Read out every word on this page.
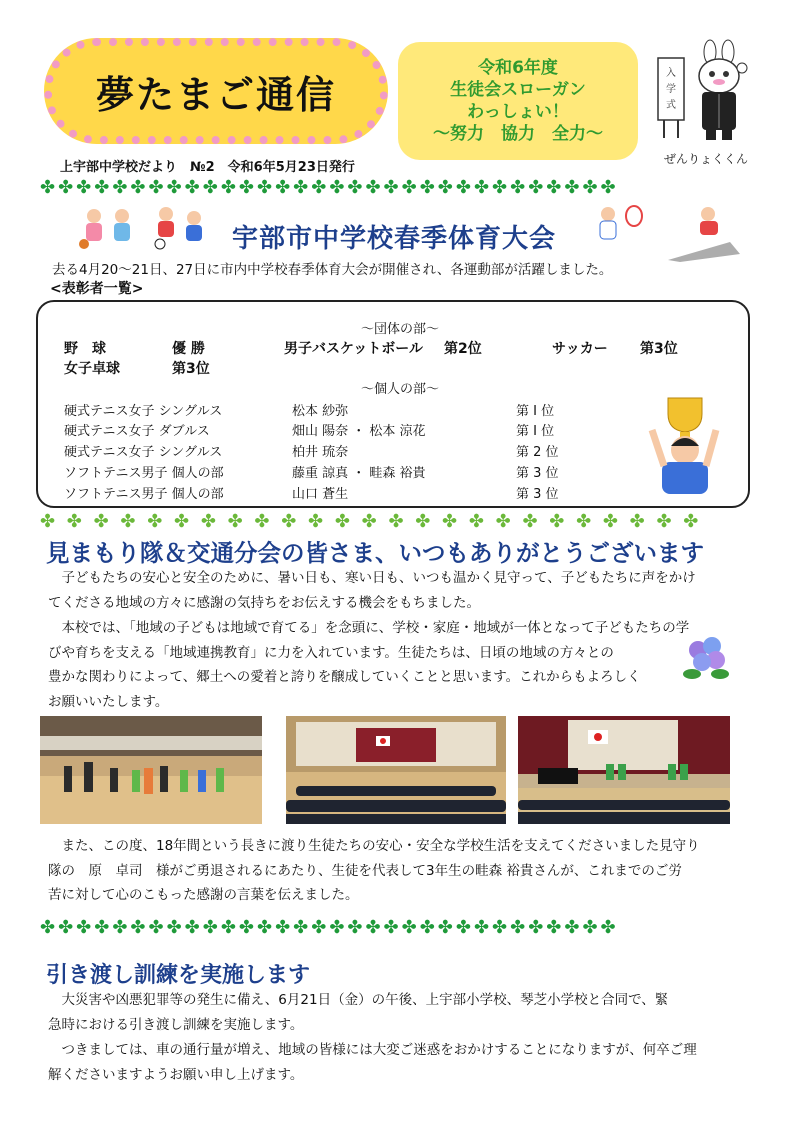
夢たまご通信
令和6年度
生徒会スローガン
わっしょい！
〜努力　協力　全力〜
入
学
式
ぜんりょくくん
上宇部中学校だより　№2　令和6年5月23日発行
✤✤✤✤✤✤✤✤✤✤✤✤✤✤✤✤✤✤✤✤✤✤✤✤✤✤✤✤✤✤✤✤
宇部市中学校春季体育大会
去る4月20〜21日、27日に市内中学校春季体育大会が開催され、各運動部が活躍しました。
<表彰者一覧>
〜団体の部〜
野　球	優 勝	男子バスケットボール 第2位	サッカー 第3位
女子卓球	第3位
〜個人の部〜
硬式テニス女子 シングルス	松本 紗弥	第 Ⅰ 位
硬式テニス女子 ダブルス	畑山 陽奈 ・ 松本 涼花	第 Ⅰ 位
硬式テニス女子 シングルス	柏井 琉奈	第 2 位
ソフトテニス男子 個人の部	藤重 諒真 ・ 畦森 裕貴	第 3 位
ソフトテニス男子 個人の部	山口 蒼生	第 3 位
✤ ✤ ✤ ✤ ✤ ✤ ✤ ✤ ✤ ✤ ✤ ✤ ✤ ✤ ✤ ✤ ✤ ✤ ✤ ✤ ✤ ✤ ✤ ✤ ✤
見まもり隊＆交通分会の皆さま、いつもありがとうございます
　子どもたちの安心と安全のために、暑い日も、寒い日も、いつも温かく見守って、子どもたちに声をかけ
てくださる地域の方々に感謝の気持ちをお伝えする機会をもちました。
　本校では、「地域の子どもは地域で育てる」を念頭に、学校・家庭・地域が一体となって子どもたちの学
びや育ちを支える「地域連携教育」に力を入れています。生徒たちは、日頃の地域の方々との
豊かな関わりによって、郷土への愛着と誇りを醸成していくことと思います。これからもよろしく
お願いいたします。
　また、この度、18年間という長きに渡り生徒たちの安心・安全な学校生活を支えてくださいました見守り
隊の　原　卓司　様がご勇退されるにあたり、生徒を代表して3年生の畦森 裕貴さんが、これまでのご労
苦に対して心のこもった感謝の言葉を伝えました。
✤✤✤✤✤✤✤✤✤✤✤✤✤✤✤✤✤✤✤✤✤✤✤✤✤✤✤✤✤✤✤✤
引き渡し訓練を実施します
　大災害や凶悪犯罪等の発生に備え、6月21日（金）の午後、上宇部小学校、琴芝小学校と合同で、緊
急時における引き渡し訓練を実施します。
　つきましては、車の通行量が増え、地域の皆様には大変ご迷惑をおかけすることになりますが、何卒ご理
解くださいますようお願い申し上げます。
